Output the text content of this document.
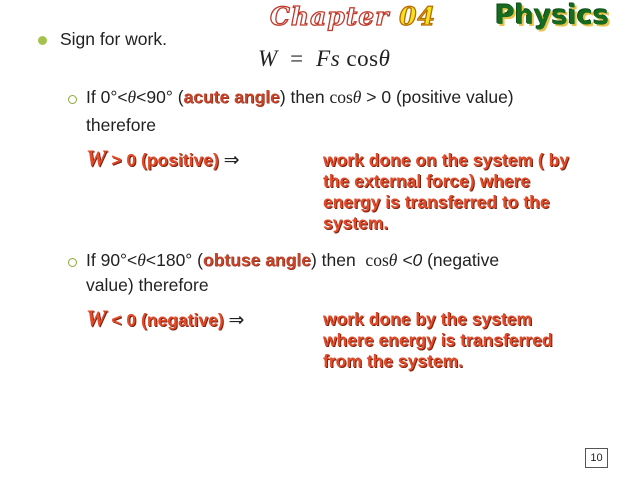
Chapter 04 Physics
Sign for work.
W = Fs cosθ
If 0°<θ<90° (acute angle) then cosθ > 0 (positive value)
therefore
W > 0 (positive) ⇒	work done on the system ( by
the external force) where
energy is transferred to the
system.
If 90°<θ<180° (obtuse angle) then cosθ <0 (negative
value) therefore
W < 0 (negative) ⇒	work done by the system
where energy is transferred
from the system.
10
